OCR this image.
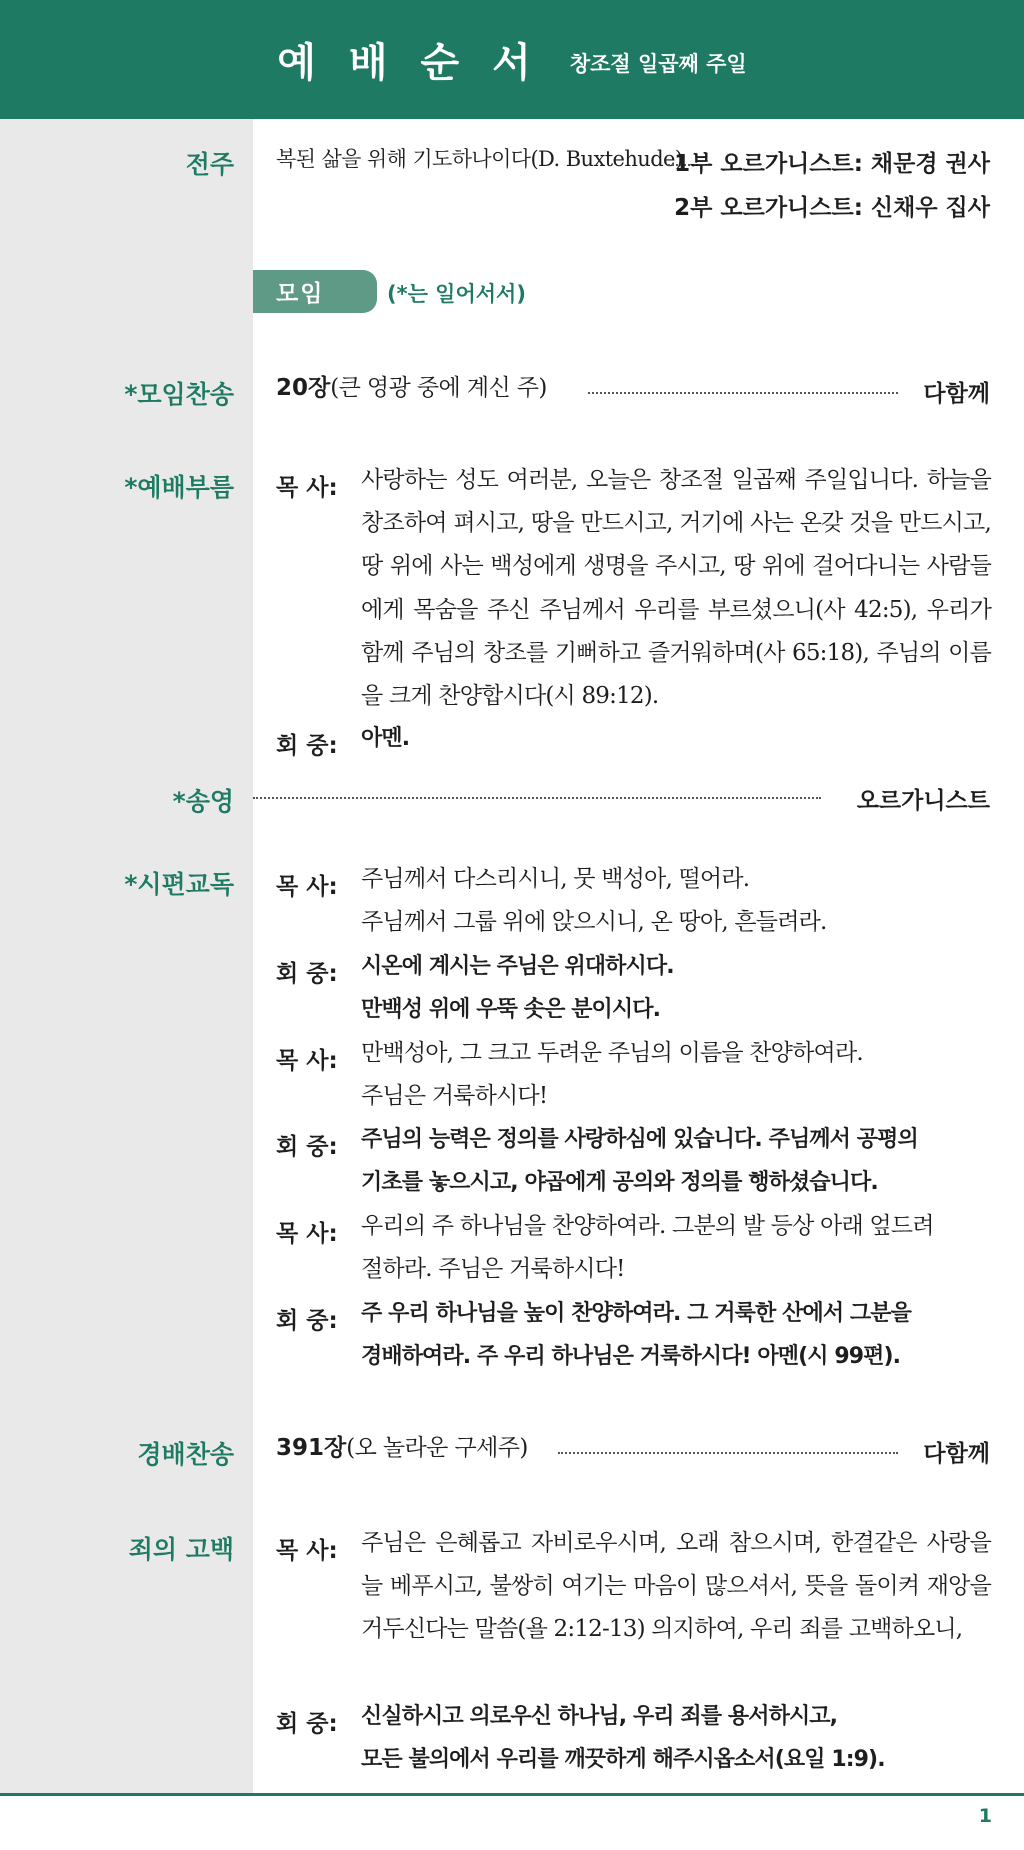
예배순서 창조절 일곱째 주일
전주 복된 삶을 위해 기도하나이다(D. Buxtehude)
1부 오르가니스트: 채문경 권사
2부 오르가니스트: 신채우 집사
모임	(*는 일어서서)
*모임찬송 20장(큰 영광 중에 계신 주)	다함께
*예배부름 목 사: 사랑하는 성도 여러분, 오늘은 창조절 일곱째 주일입니다. 하늘을 창조하여 펴시고, 땅을 만드시고, 거기에 사는 온갖 것을 만드시고, 땅 위에 사는 백성에게 생명을 주시고, 땅 위에 걸어다니는 사람들에게 목숨을 주신 주님께서 우리를 부르셨으니(사 42:5), 우리가 함께 주님의 창조를 기뻐하고 즐거워하며(사 65:18), 주님의 이름을 크게 찬양합시다(시 89:12).
회 중: 아멘.
*송영	오르가니스트
*시편교독 목 사: 주님께서 다스리시니, 뭇 백성아, 떨어라.
주님께서 그룹 위에 앉으시니, 온 땅아, 흔들려라.
회 중: 시온에 계시는 주님은 위대하시다.
만백성 위에 우뚝 솟은 분이시다.
목 사: 만백성아, 그 크고 두려운 주님의 이름을 찬양하여라.
주님은 거룩하시다!
회 중: 주님의 능력은 정의를 사랑하심에 있습니다. 주님께서 공평의
기초를 놓으시고, 야곱에게 공의와 정의를 행하셨습니다.
목 사: 우리의 주 하나님을 찬양하여라. 그분의 발 등상 아래 엎드려
절하라. 주님은 거룩하시다!
회 중: 주 우리 하나님을 높이 찬양하여라. 그 거룩한 산에서 그분을
경배하여라. 주 우리 하나님은 거룩하시다! 아멘(시 99편).
경배찬송 391장(오 놀라운 구세주)	다함께
죄의 고백 목 사: 주님은 은혜롭고 자비로우시며, 오래 참으시며, 한결같은 사랑을 늘 베푸시고, 불쌍히 여기는 마음이 많으셔서, 뜻을 돌이켜 재앙을 거두신다는 말씀(욜 2:12-13) 의지하여, 우리 죄를 고백하오니,
회 중: 신실하시고 의로우신 하나님, 우리 죄를 용서하시고,
모든 불의에서 우리를 깨끗하게 해주시옵소서(요일 1:9).
1
